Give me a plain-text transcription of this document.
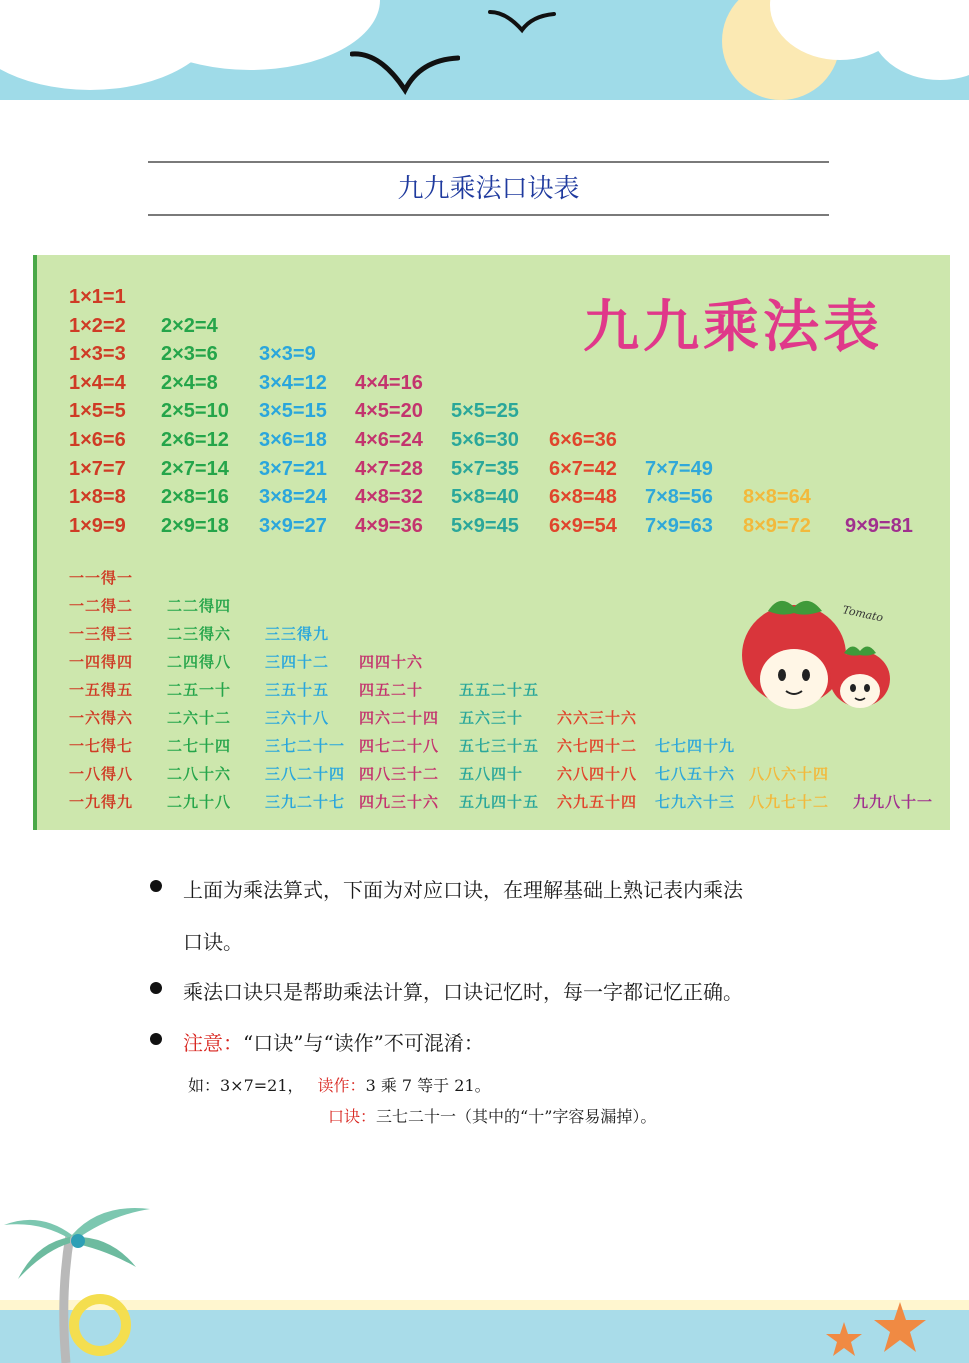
九九乘法口诀表
九九乘法表
Tomato
1×1=1
1×2=2 2×2=4
1×3=3 2×3=6 3×3=9
1×4=4 2×4=8 3×4=12 4×4=16
1×5=5 2×5=10 3×5=15 4×5=20 5×5=25
1×6=6 2×6=12 3×6=18 4×6=24 5×6=30 6×6=36
1×7=7 2×7=14 3×7=21 4×7=28 5×7=35 6×7=42 7×7=49
1×8=8 2×8=16 3×8=24 4×8=32 5×8=40 6×8=48 7×8=56 8×8=64
1×9=9 2×9=18 3×9=27 4×9=36 5×9=45 6×9=54 7×9=63 8×9=72 9×9=81
一一得一
一二得二 二二得四
一三得三 二三得六 三三得九
一四得四 二四得八 三四十二 四四十六
一五得五 二五一十 三五十五 四五二十 五五二十五
一六得六 二六十二 三六十八 四六二十四 五六三十 六六三十六
一七得七 二七十四 三七二十一 四七二十八 五七三十五 六七四十二 七七四十九
一八得八 二八十六 三八二十四 四八三十二 五八四十 六八四十八 七八五十六 八八六十四
一九得九 二九十八 三九二十七 四九三十六 五九四十五 六九五十四 七九六十三 八九七十二 九九八十一
上面为乘法算式，下面为对应口诀，在理解基础上熟记表内乘法
口诀。
乘法口诀只是帮助乘法计算，口诀记忆时，每一字都记忆正确。
注意：“口诀”与“读作”不可混淆：
如：3×7=21， 读作：3 乘 7 等于 21。
口诀：三七二十一（其中的“十”字容易漏掉）。
